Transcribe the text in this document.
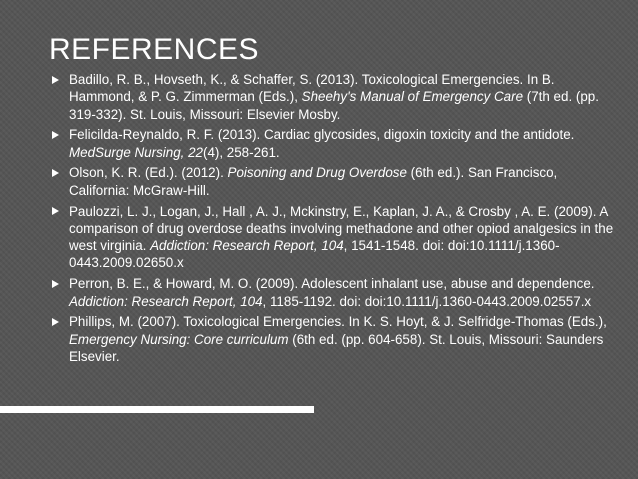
REFERENCES
Badillo, R. B., Hovseth, K., & Schaffer, S. (2013). Toxicological Emergencies. In B. Hammond, & P. G. Zimmerman (Eds.), Sheehy's Manual of Emergency Care (7th ed. (pp. 319-332). St. Louis, Missouri: Elsevier Mosby.
Felicilda-Reynaldo, R. F. (2013). Cardiac glycosides, digoxin toxicity and the antidote. MedSurge Nursing, 22(4), 258-261.
Olson, K. R. (Ed.). (2012). Poisoning and Drug Overdose (6th ed.). San Francisco, California: McGraw-Hill.
Paulozzi, L. J., Logan, J., Hall , A. J., Mckinstry, E., Kaplan, J. A., & Crosby , A. E. (2009). A comparison of drug overdose deaths involving methadone and other opiod analgesics in the west virginia. Addiction: Research Report, 104, 1541-1548. doi: doi:10.1111/j.1360-0443.2009.02650.x
Perron, B. E., & Howard, M. O. (2009). Adolescent inhalant use, abuse and dependence. Addiction: Research Report, 104, 1185-1192. doi: doi:10.1111/j.1360-0443.2009.02557.x
Phillips, M. (2007). Toxicological Emergencies. In K. S. Hoyt, & J. Selfridge-Thomas (Eds.), Emergency Nursing: Core curriculum (6th ed. (pp. 604-658). St. Louis, Missouri: Saunders Elsevier.
